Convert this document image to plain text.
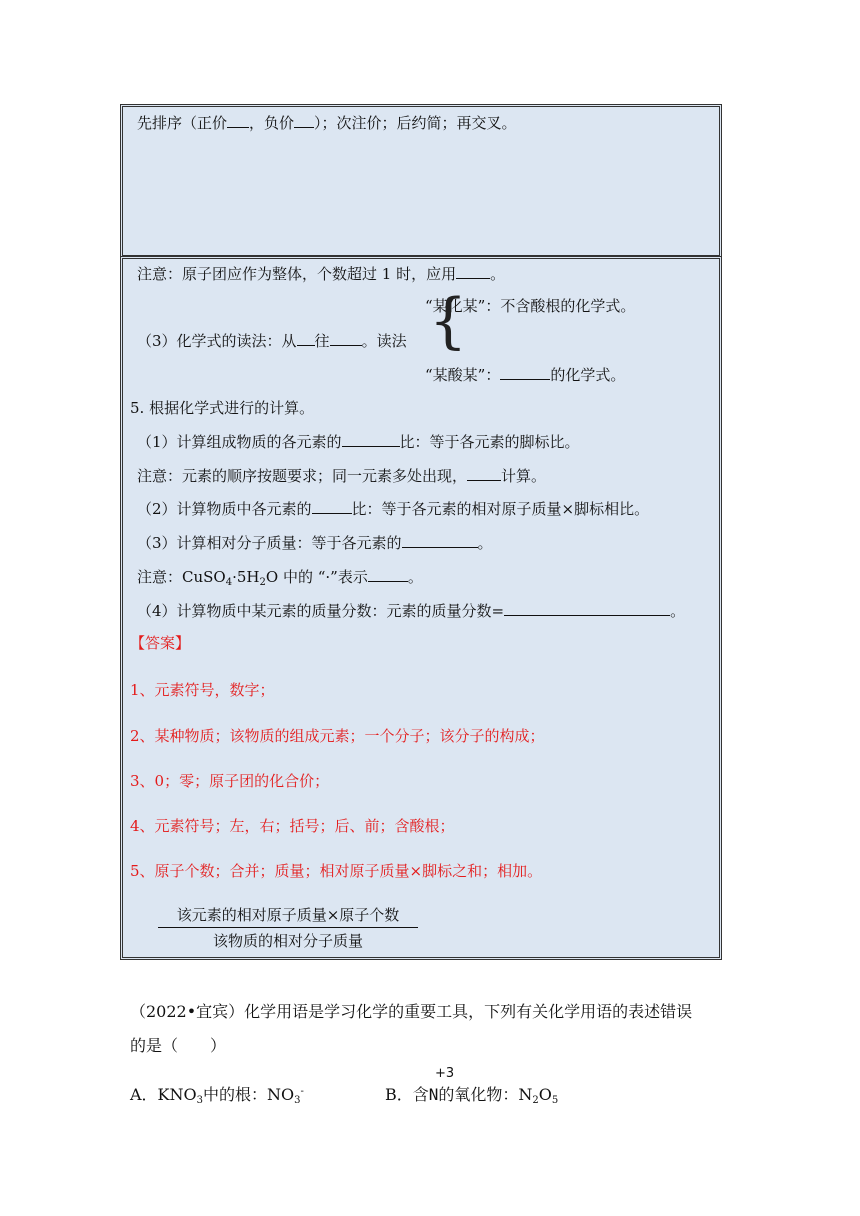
先排序（正价 ，负价 ）；次注价；后约简；再交叉。
注意：原子团应作为整体，个数超过 1 时，应用 。
“某化某”：不含酸根的化学式。
（3）化学式的读法：从 往 。读法 {
“某酸某”：	的化学式。
5. 根据化学式进行的计算。
（1）计算组成物质的各元素的	比：等于各元素的脚标比。
注意：元素的顺序按题要求；同一元素多处出现， 计算。
（2）计算物质中各元素的	比：等于各元素的相对原子质量×脚标相比。
（3）计算相对分子质量：等于各元素的	。
注意：$CuSO_4\cdot 5H_2O$ 中的 “·”表示	。
（4）计算物质中某元素的质量分数：元素的质量分数=	。
【答案】
1、元素符号，数字；
2、某种物质；该物质的组成元素；一个分子；该分子的构成；
3、0；零；原子团的化合价；
4、元素符号；左，右；括号；后、前；含酸根；
5、原子个数；合并；质量；相对原子质量×脚标之和；相加。
该元素的相对原子质量×原子个数
该物质的相对分子质量
（2022•宜宾）化学用语是学习化学的重要工具，下列有关化学用语的表述错误
的是（　　）
A．$KNO_3$中的根：$NO_3^-$
+3
B．含N的氧化物：$N_2O_5$
